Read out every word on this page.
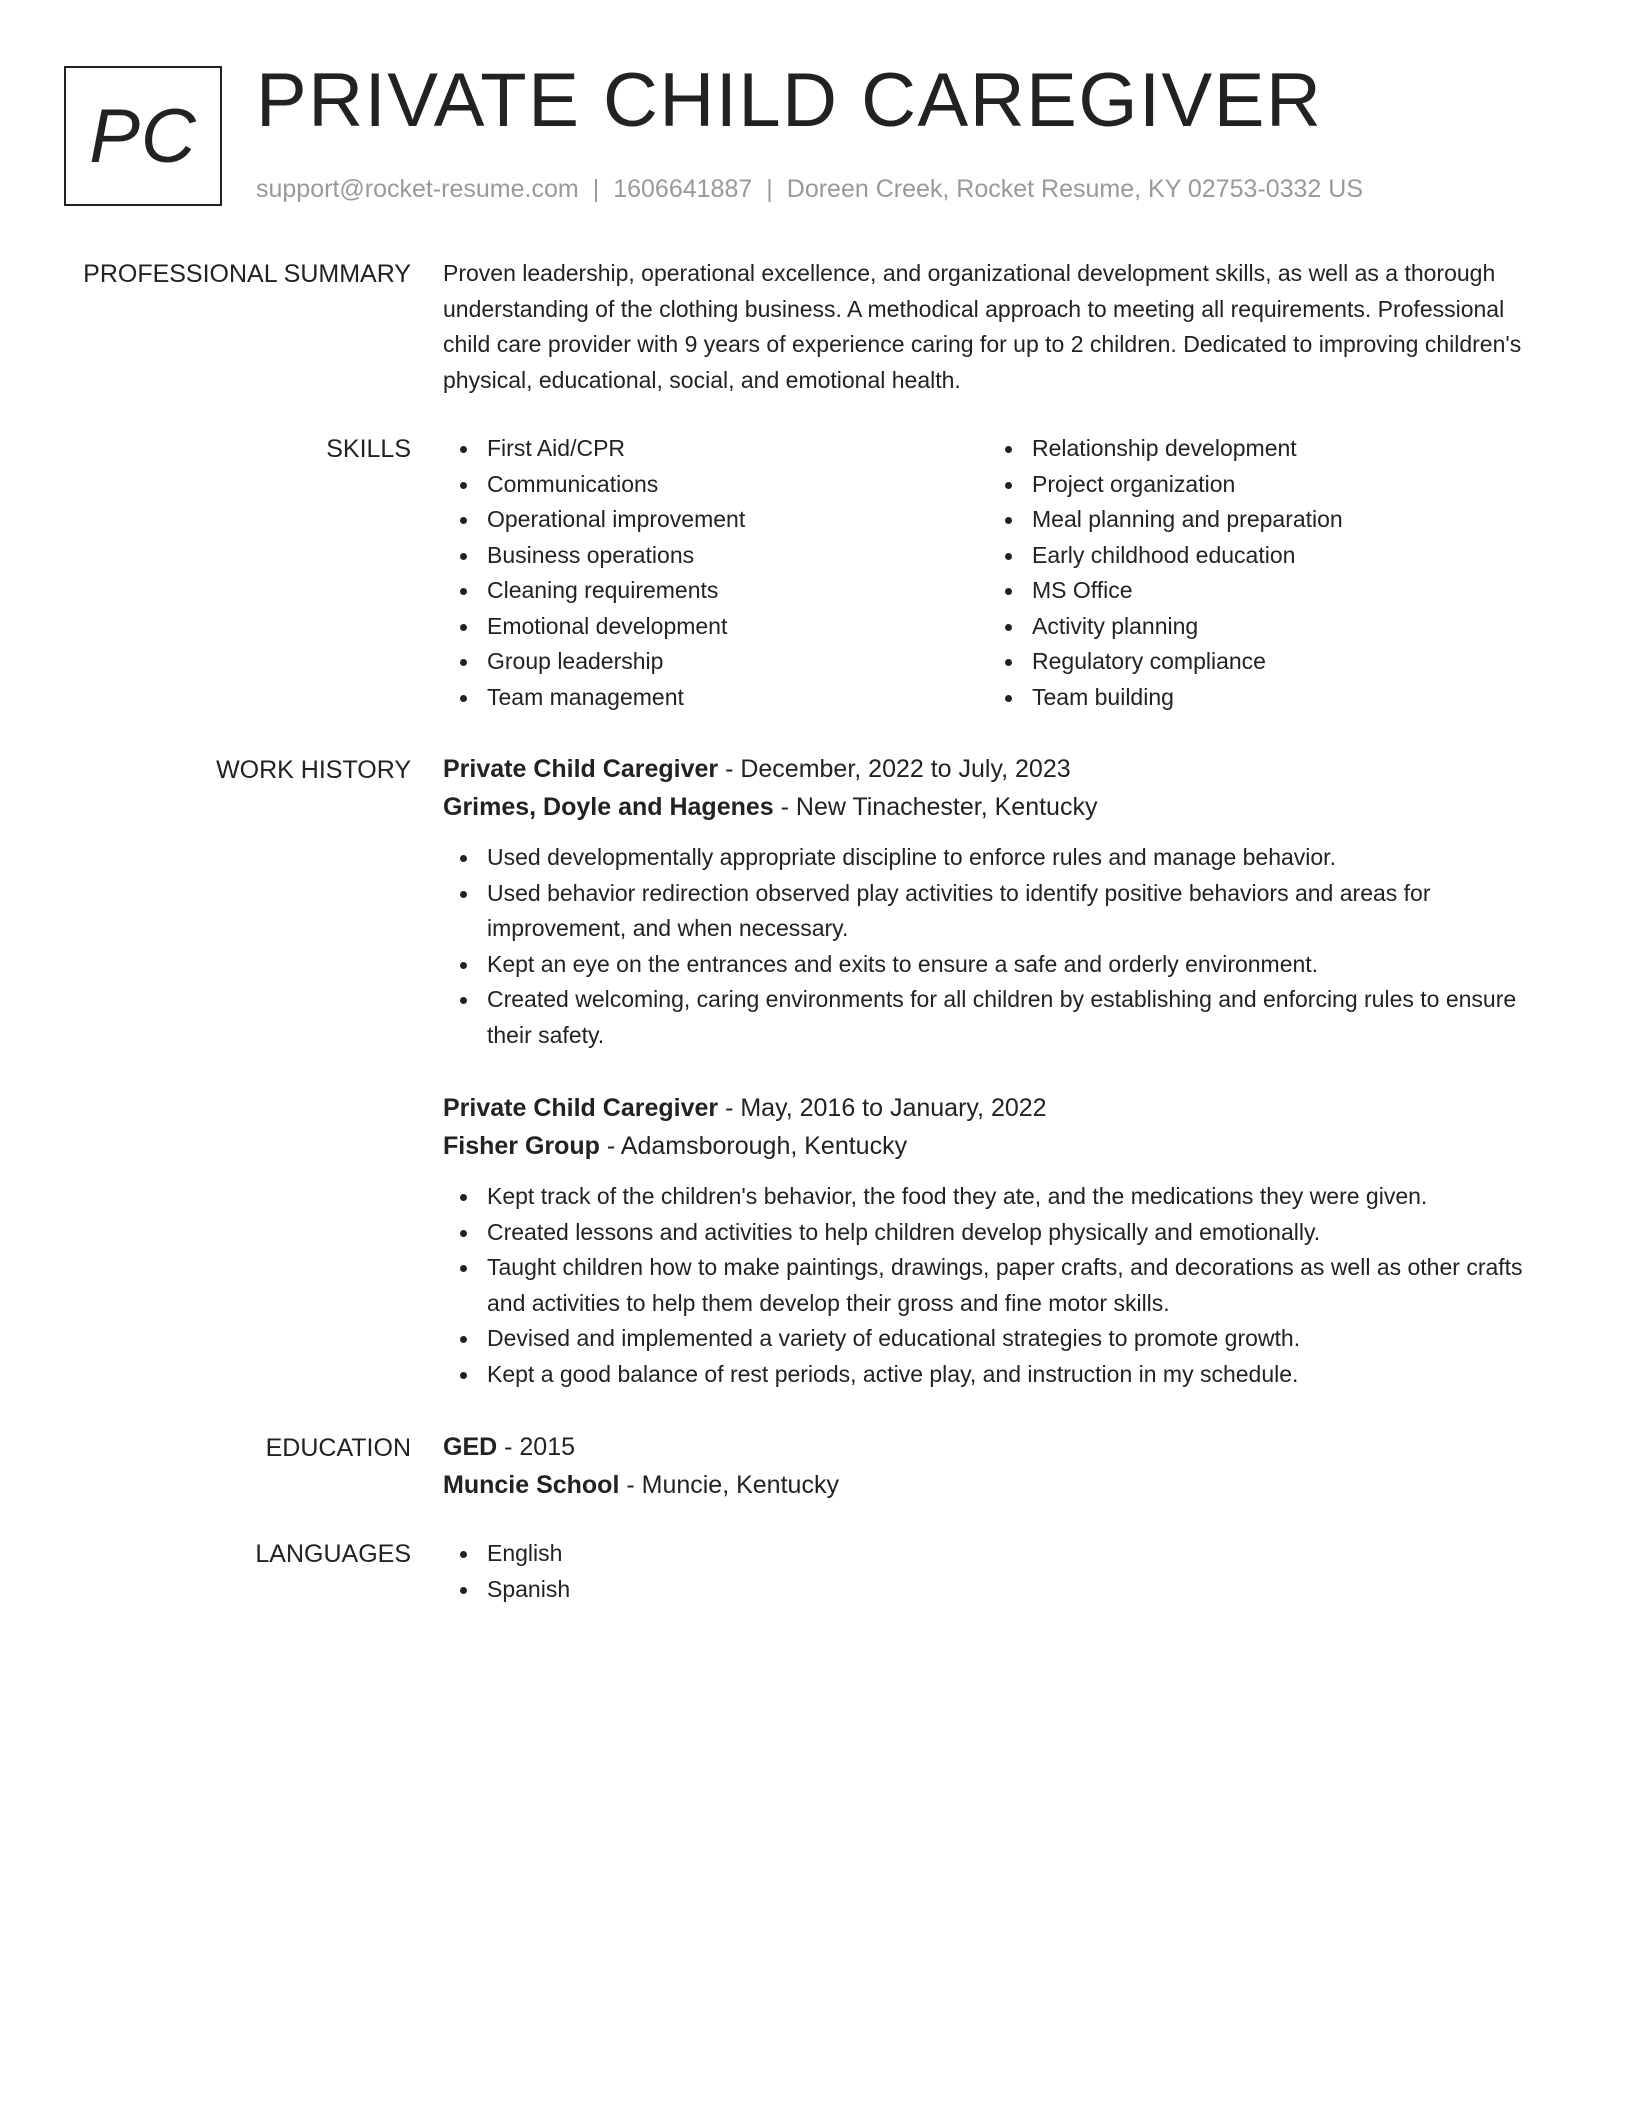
PC PRIVATE CHILD CAREGIVER
support@rocket-resume.com | 1606641887 | Doreen Creek, Rocket Resume, KY 02753-0332 US
PROFESSIONAL SUMMARY Proven leadership, operational excellence, and organizational development skills, as well as a thorough understanding of the clothing business. A methodical approach to meeting all requirements. Professional child care provider with 9 years of experience caring for up to 2 children. Dedicated to improving children's physical, educational, social, and emotional health.

SKILLS	First Aid/CPR
Communications
Operational improvement
Business operations
Cleaning requirements
Emotional development
Group leadership
Team management
Relationship development
Project organization
Meal planning and preparation
Early childhood education
MS Office
Activity planning
Regulatory compliance
Team building
WORK HISTORY Private Child Caregiver - December, 2022 to July, 2023
Grimes, Doyle and Hagenes - New Tinachester, Kentucky
Used developmentally appropriate discipline to enforce rules and manage behavior.
Used behavior redirection observed play activities to identify positive behaviors and areas for improvement, and when necessary.
Kept an eye on the entrances and exits to ensure a safe and orderly environment.
Created welcoming, caring environments for all children by establishing and enforcing rules to ensure their safety.
Private Child Caregiver - May, 2016 to January, 2022
Fisher Group - Adamsborough, Kentucky
Kept track of the children's behavior, the food they ate, and the medications they were given.
Created lessons and activities to help children develop physically and emotionally.
Taught children how to make paintings, drawings, paper crafts, and decorations as well as other crafts and activities to help them develop their gross and fine motor skills.
Devised and implemented a variety of educational strategies to promote growth.
Kept a good balance of rest periods, active play, and instruction in my schedule.
EDUCATION GED - 2015
Muncie School - Muncie, Kentucky
LANGUAGES	English
Spanish
